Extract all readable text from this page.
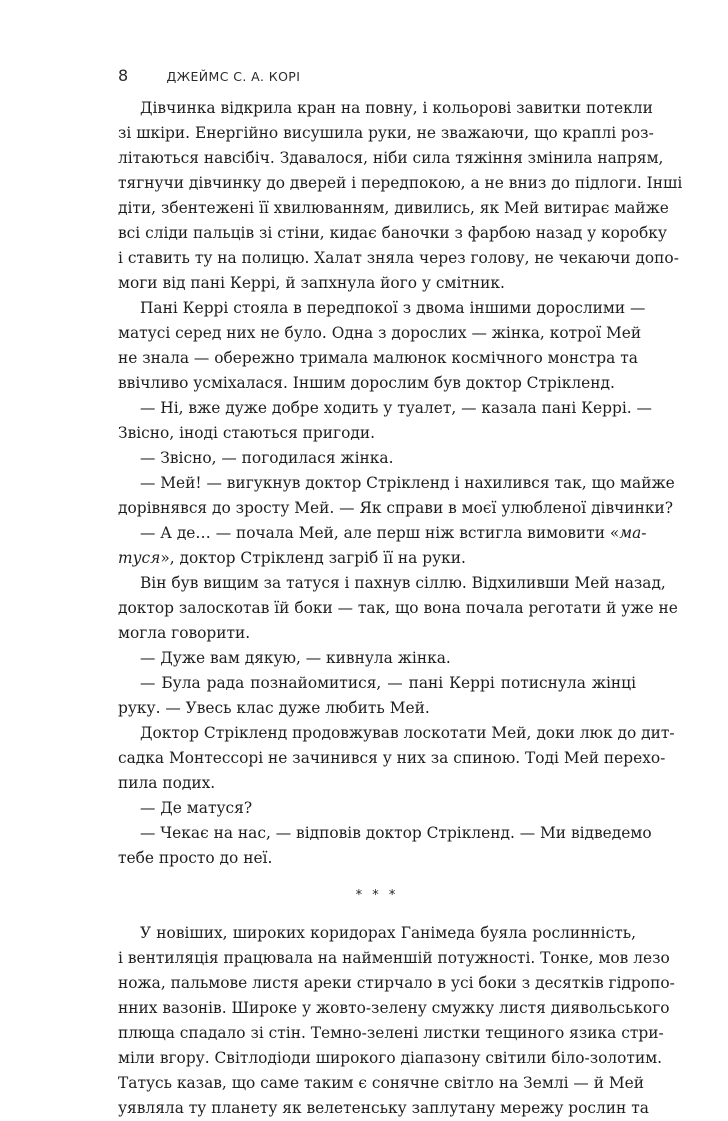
8	ДЖЕЙМС С. А. КОРІ
Дівчинка відкрила кран на повну, і кольорові завитки потекли
зі шкіри. Енергійно висушила руки, не зважаючи, що краплі роз-
літаються навсібіч. Здавалося, ніби сила тяжіння змінила напрям,
тягнучи дівчинку до дверей і передпокою, а не вниз до підлоги. Інші
діти, збентежені її хвилюванням, дивились, як Мей витирає майже
всі сліди пальців зі стіни, кидає баночки з фарбою назад у коробку
і ставить ту на полицю. Халат зняла через голову, не чекаючи допо-
моги від пані Керрі, й запхнула його у смітник.
Пані Керрі стояла в передпокої з двома іншими дорослими —
матусі серед них не було. Одна з дорослих — жінка, котрої Мей
не знала — обережно тримала малюнок космічного монстра та
ввічливо усміхалася. Іншим дорослим був доктор Стрікленд.
— Ні, вже дуже добре ходить у туалет, — казала пані Керрі. —
Звісно, іноді стаються пригоди.
— Звісно, — погодилася жінка.
— Мей! — вигукнув доктор Стрікленд і нахилився так, що майже
дорівнявся до зросту Мей. — Як справи в моєї улюбленої дівчинки?
— А де… — почала Мей, але перш ніж встигла вимовити «ма-
туся», доктор Стрікленд загріб її на руки.
Він був вищим за татуся і пахнув сіллю. Відхиливши Мей назад,
доктор залоскотав їй боки — так, що вона почала реготати й уже не
могла говорити.
— Дуже вам дякую, — кивнула жінка.
— Була рада познайомитися, — пані Керрі потиснула жінці
руку. — Увесь клас дуже любить Мей.
Доктор Стрікленд продовжував лоскотати Мей, доки люк до дит-
садка Монтессорі не зачинився у них за спиною. Тоді Мей перехо-
пила подих.
— Де матуся?
— Чекає на нас, — відповів доктор Стрікленд. — Ми відведемо
тебе просто до неї.
* * *
У новіших, широких коридорах Ганімеда буяла рослинність,
і вентиляція працювала на найменшій потужності. Тонке, мов лезо
ножа, пальмове листя ареки стирчало в усі боки з десятків гідропо-
нних вазонів. Широке у жовто-зелену смужку листя диявольського
плюща спадало зі стін. Темно-зелені листки тещиного язика стри-
міли вгору. Світлодіоди широкого діапазону світили біло-золотим.
Татусь казав, що саме таким є сонячне світло на Землі — й Мей
уявляла ту планету як велетенську заплутану мережу рослин та
